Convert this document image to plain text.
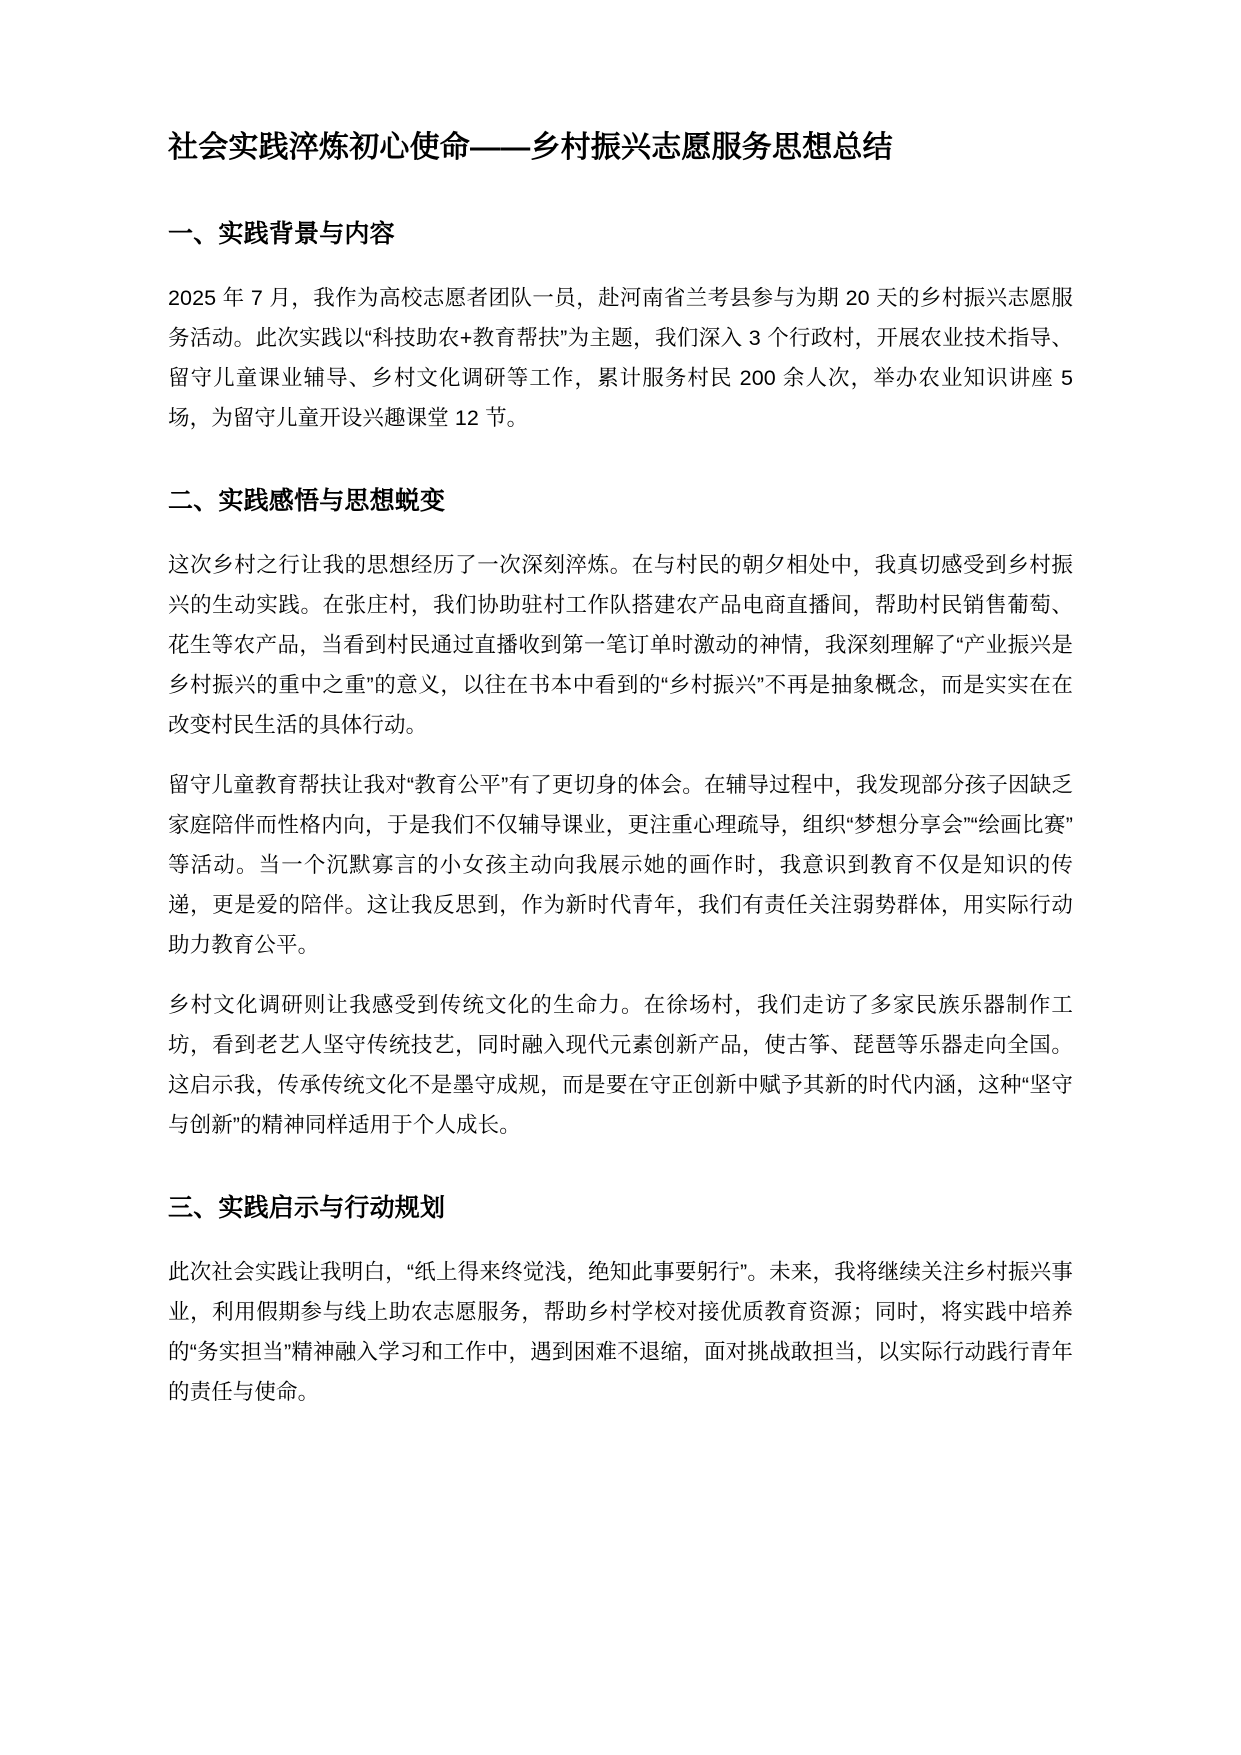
社会实践淬炼初心使命——乡村振兴志愿服务思想总结
一、实践背景与内容

2025 年 7 月，我作为高校志愿者团队一员，赴河南省兰考县参与为期 20 天的乡村振兴志愿服务活动。此次实践以“科技助农+教育帮扶”为主题，我们深入 3 个行政村，开展农业技术指导、留守儿童课业辅导、乡村文化调研等工作，累计服务村民 200 余人次，举办农业知识讲座 5 场，为留守儿童开设兴趣课堂 12 节。

二、实践感悟与思想蜕变

这次乡村之行让我的思想经历了一次深刻淬炼。在与村民的朝夕相处中，我真切感受到乡村振兴的生动实践。在张庄村，我们协助驻村工作队搭建农产品电商直播间，帮助村民销售葡萄、花生等农产品，当看到村民通过直播收到第一笔订单时激动的神情，我深刻理解了“产业振兴是乡村振兴的重中之重”的意义，以往在书本中看到的“乡村振兴”不再是抽象概念，而是实实在在改变村民生活的具体行动。

留守儿童教育帮扶让我对“教育公平”有了更切身的体会。在辅导过程中，我发现部分孩子因缺乏家庭陪伴而性格内向，于是我们不仅辅导课业，更注重心理疏导，组织“梦想分享会”“绘画比赛”等活动。当一个沉默寡言的小女孩主动向我展示她的画作时，我意识到教育不仅是知识的传递，更是爱的陪伴。这让我反思到，作为新时代青年，我们有责任关注弱势群体，用实际行动助力教育公平。

乡村文化调研则让我感受到传统文化的生命力。在徐场村，我们走访了多家民族乐器制作工坊，看到老艺人坚守传统技艺，同时融入现代元素创新产品，使古筝、琵琶等乐器走向全国。这启示我，传承传统文化不是墨守成规，而是要在守正创新中赋予其新的时代内涵，这种“坚守与创新”的精神同样适用于个人成长。

三、实践启示与行动规划

此次社会实践让我明白，“纸上得来终觉浅，绝知此事要躬行”。未来，我将继续关注乡村振兴事业，利用假期参与线上助农志愿服务，帮助乡村学校对接优质教育资源；同时，将实践中培养的“务实担当”精神融入学习和工作中，遇到困难不退缩，面对挑战敢担当，以实际行动践行青年的责任与使命。
